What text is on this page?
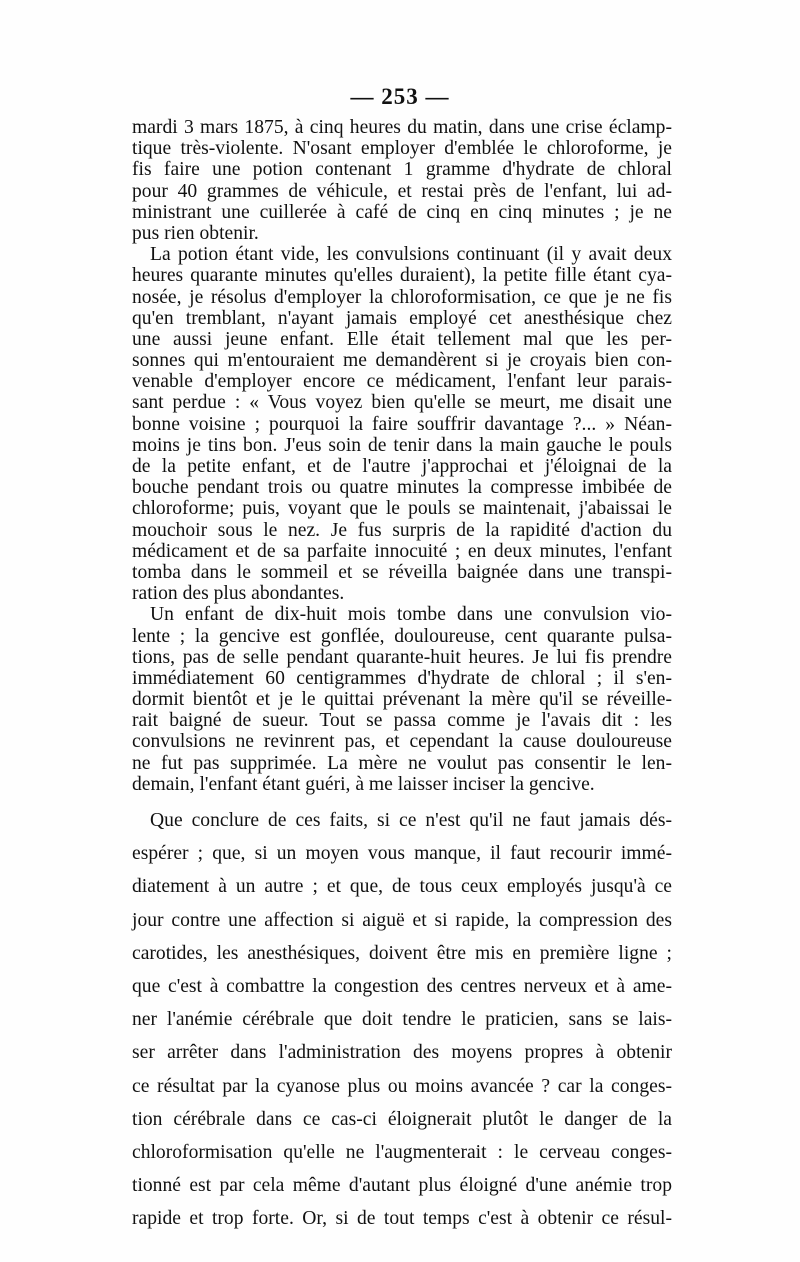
— 253 —
mardi 3 mars 1875, à cinq heures du matin, dans une crise éclamp-
tique très-violente. N'osant employer d'emblée le chloroforme, je
fis faire une potion contenant 1 gramme d'hydrate de chloral
pour 40 grammes de véhicule, et restai près de l'enfant, lui ad-
ministrant une cuillerée à café de cinq en cinq minutes ; je ne
pus rien obtenir.
La potion étant vide, les convulsions continuant (il y avait deux
heures quarante minutes qu'elles duraient), la petite fille étant cya-
nosée, je résolus d'employer la chloroformisation, ce que je ne fis
qu'en tremblant, n'ayant jamais employé cet anesthésique chez
une aussi jeune enfant. Elle était tellement mal que les per-
sonnes qui m'entouraient me demandèrent si je croyais bien con-
venable d'employer encore ce médicament, l'enfant leur parais-
sant perdue : « Vous voyez bien qu'elle se meurt, me disait une
bonne voisine ; pourquoi la faire souffrir davantage ?... » Néan-
moins je tins bon. J'eus soin de tenir dans la main gauche le pouls
de la petite enfant, et de l'autre j'approchai et j'éloignai de la
bouche pendant trois ou quatre minutes la compresse imbibée de
chloroforme; puis, voyant que le pouls se maintenait, j'abaissai le
mouchoir sous le nez. Je fus surpris de la rapidité d'action du
médicament et de sa parfaite innocuité ; en deux minutes, l'enfant
tomba dans le sommeil et se réveilla baignée dans une transpi-
ration des plus abondantes.
Un enfant de dix-huit mois tombe dans une convulsion vio-
lente ; la gencive est gonflée, douloureuse, cent quarante pulsa-
tions, pas de selle pendant quarante-huit heures. Je lui fis prendre
immédiatement 60 centigrammes d'hydrate de chloral ; il s'en-
dormit bientôt et je le quittai prévenant la mère qu'il se réveille-
rait baigné de sueur. Tout se passa comme je l'avais dit : les
convulsions ne revinrent pas, et cependant la cause douloureuse
ne fut pas supprimée. La mère ne voulut pas consentir le len-
demain, l'enfant étant guéri, à me laisser inciser la gencive.
Que conclure de ces faits, si ce n'est qu'il ne faut jamais dés-
espérer ; que, si un moyen vous manque, il faut recourir immé-
diatement à un autre ; et que, de tous ceux employés jusqu'à ce
jour contre une affection si aiguë et si rapide, la compression des
carotides, les anesthésiques, doivent être mis en première ligne ;
que c'est à combattre la congestion des centres nerveux et à ame-
ner l'anémie cérébrale que doit tendre le praticien, sans se lais-
ser arrêter dans l'administration des moyens propres à obtenir
ce résultat par la cyanose plus ou moins avancée ? car la conges-
tion cérébrale dans ce cas-ci éloignerait plutôt le danger de la
chloroformisation qu'elle ne l'augmenterait : le cerveau conges-
tionné est par cela même d'autant plus éloigné d'une anémie trop
rapide et trop forte. Or, si de tout temps c'est à obtenir ce résul-
